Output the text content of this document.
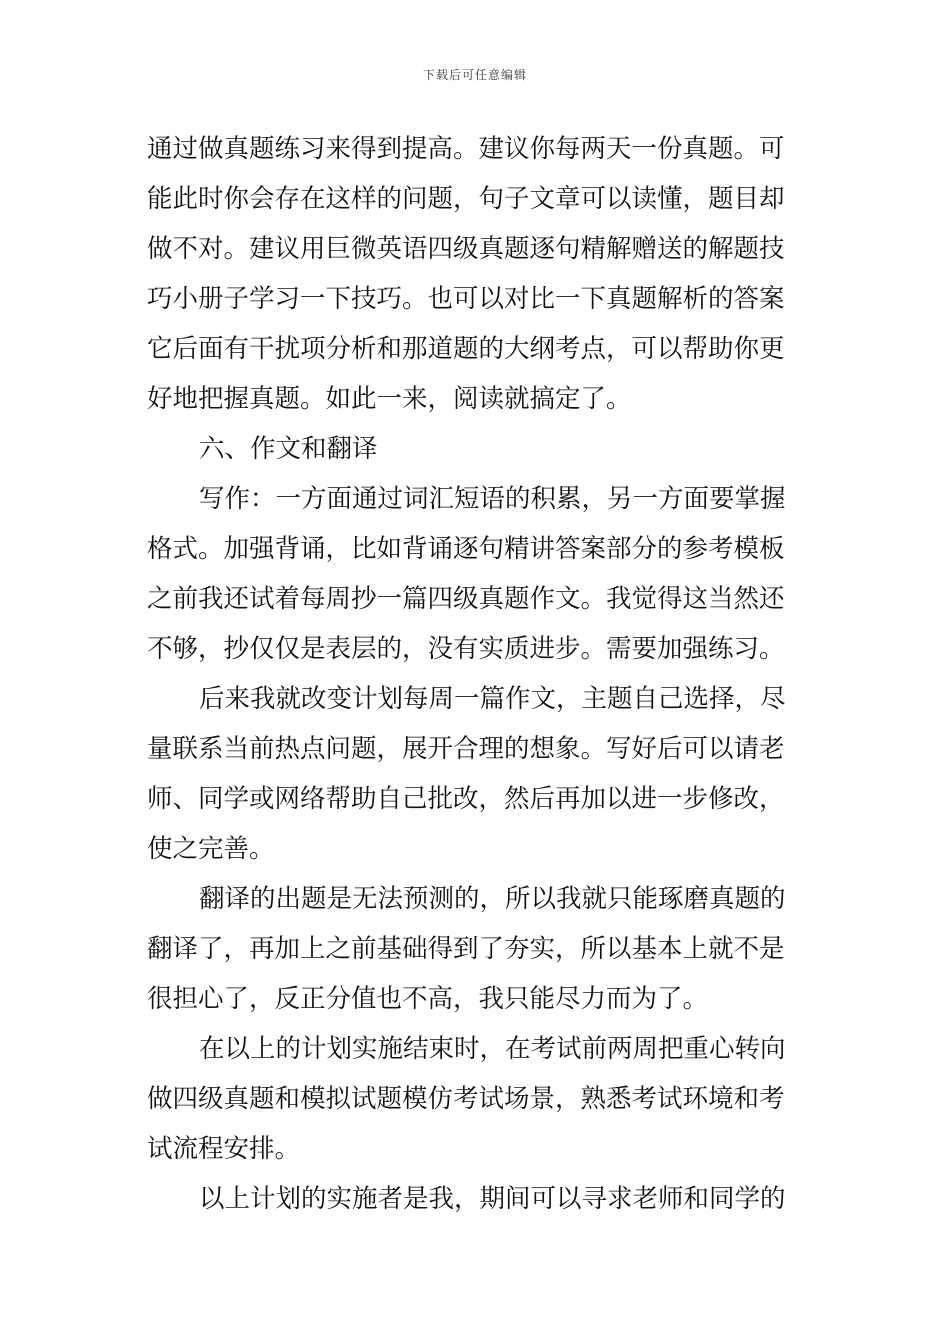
下载后可任意编辑
通过做真题练习来得到提高。建议你每两天一份真题。可
能此时你会存在这样的问题，句子文章可以读懂，题目却
做不对。建议用巨微英语四级真题逐句精解赠送的解题技
巧小册子学习一下技巧。也可以对比一下真题解析的答案
它后面有干扰项分析和那道题的大纲考点，可以帮助你更
好地把握真题。如此一来，阅读就搞定了。
六、作文和翻译
写作：一方面通过词汇短语的积累，另一方面要掌握
格式。加强背诵，比如背诵逐句精讲答案部分的参考模板
之前我还试着每周抄一篇四级真题作文。我觉得这当然还
不够，抄仅仅是表层的，没有实质进步。需要加强练习。
后来我就改变计划每周一篇作文，主题自己选择，尽
量联系当前热点问题，展开合理的想象。写好后可以请老
师、同学或网络帮助自己批改，然后再加以进一步修改，
使之完善。
翻译的出题是无法预测的，所以我就只能琢磨真题的
翻译了，再加上之前基础得到了夯实，所以基本上就不是
很担心了，反正分值也不高，我只能尽力而为了。
在以上的计划实施结束时，在考试前两周把重心转向
做四级真题和模拟试题模仿考试场景，熟悉考试环境和考
试流程安排。
以上计划的实施者是我，期间可以寻求老师和同学的
